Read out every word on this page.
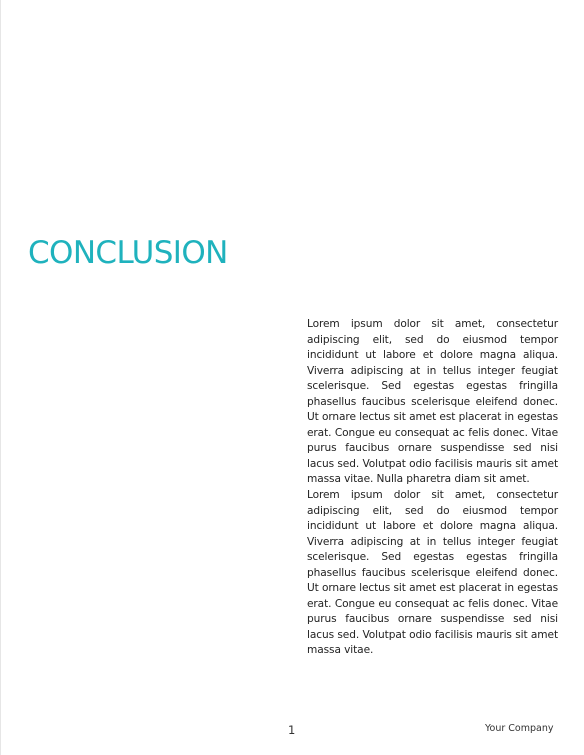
CONCLUSION

Lorem ipsum dolor sit amet, consectetur adipiscing elit, sed do eiusmod tempor incididunt ut labore et dolore magna aliqua. Viverra adipiscing at in tellus integer feugiat scelerisque. Sed egestas egestas fringilla phasellus faucibus scelerisque eleifend donec. Ut ornare lectus sit amet est placerat in egestas erat. Congue eu consequat ac felis donec. Vitae purus faucibus ornare suspendisse sed nisi lacus sed. Volutpat odio facilisis mauris sit amet massa vitae. Nulla pharetra diam sit amet.

Lorem ipsum dolor sit amet, consectetur adipiscing elit, sed do eiusmod tempor incididunt ut labore et dolore magna aliqua. Viverra adipiscing at in tellus integer feugiat scelerisque. Sed egestas egestas fringilla phasellus faucibus scelerisque eleifend donec. Ut ornare lectus sit amet est placerat in egestas erat. Congue eu consequat ac felis donec. Vitae purus faucibus ornare suspendisse sed nisi lacus sed. Volutpat odio facilisis mauris sit amet massa vitae.

1	Your Company
